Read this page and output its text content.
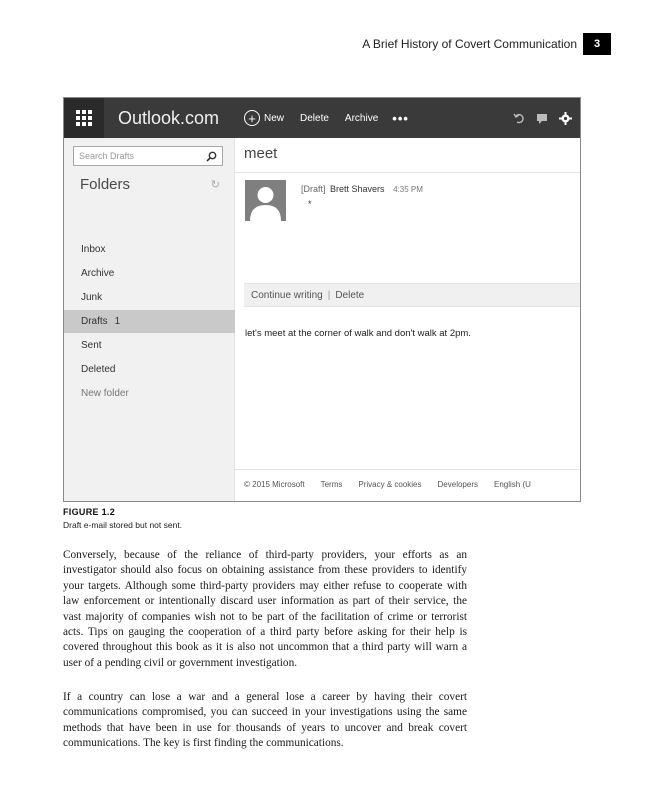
A Brief History of Covert Communication	3
Outlook.com	+ New Delete Archive •••
Search Drafts
Folders	↻
Inbox
Archive
Junk
Drafts 1
Sent
Deleted
New folder
meet
[Draft] Brett Shavers 4:35 PM
*
Continue writing | Delete
let's meet at the corner of walk and don't walk at 2pm.
© 2015 Microsoft Terms Privacy & cookies Developers English (U
FIGURE 1.2
Draft e-mail stored but not sent.

Conversely, because of the reliance of third-party providers, your efforts as an investigator should also focus on obtaining assistance from these providers to identify your targets. Although some third-party providers may either refuse to cooperate with law enforcement or intentionally discard user information as part of their service, the vast majority of companies wish not to be part of the facilitation of crime or terrorist acts. Tips on gauging the cooperation of a third party before asking for their help is covered throughout this book as it is also not uncommon that a third party will warn a user of a pending civil or government investigation.

If a country can lose a war and a general lose a career by having their covert communications compromised, you can succeed in your investigations using the same methods that have been in use for thousands of years to uncover and break covert communications. The key is first finding the communications.
